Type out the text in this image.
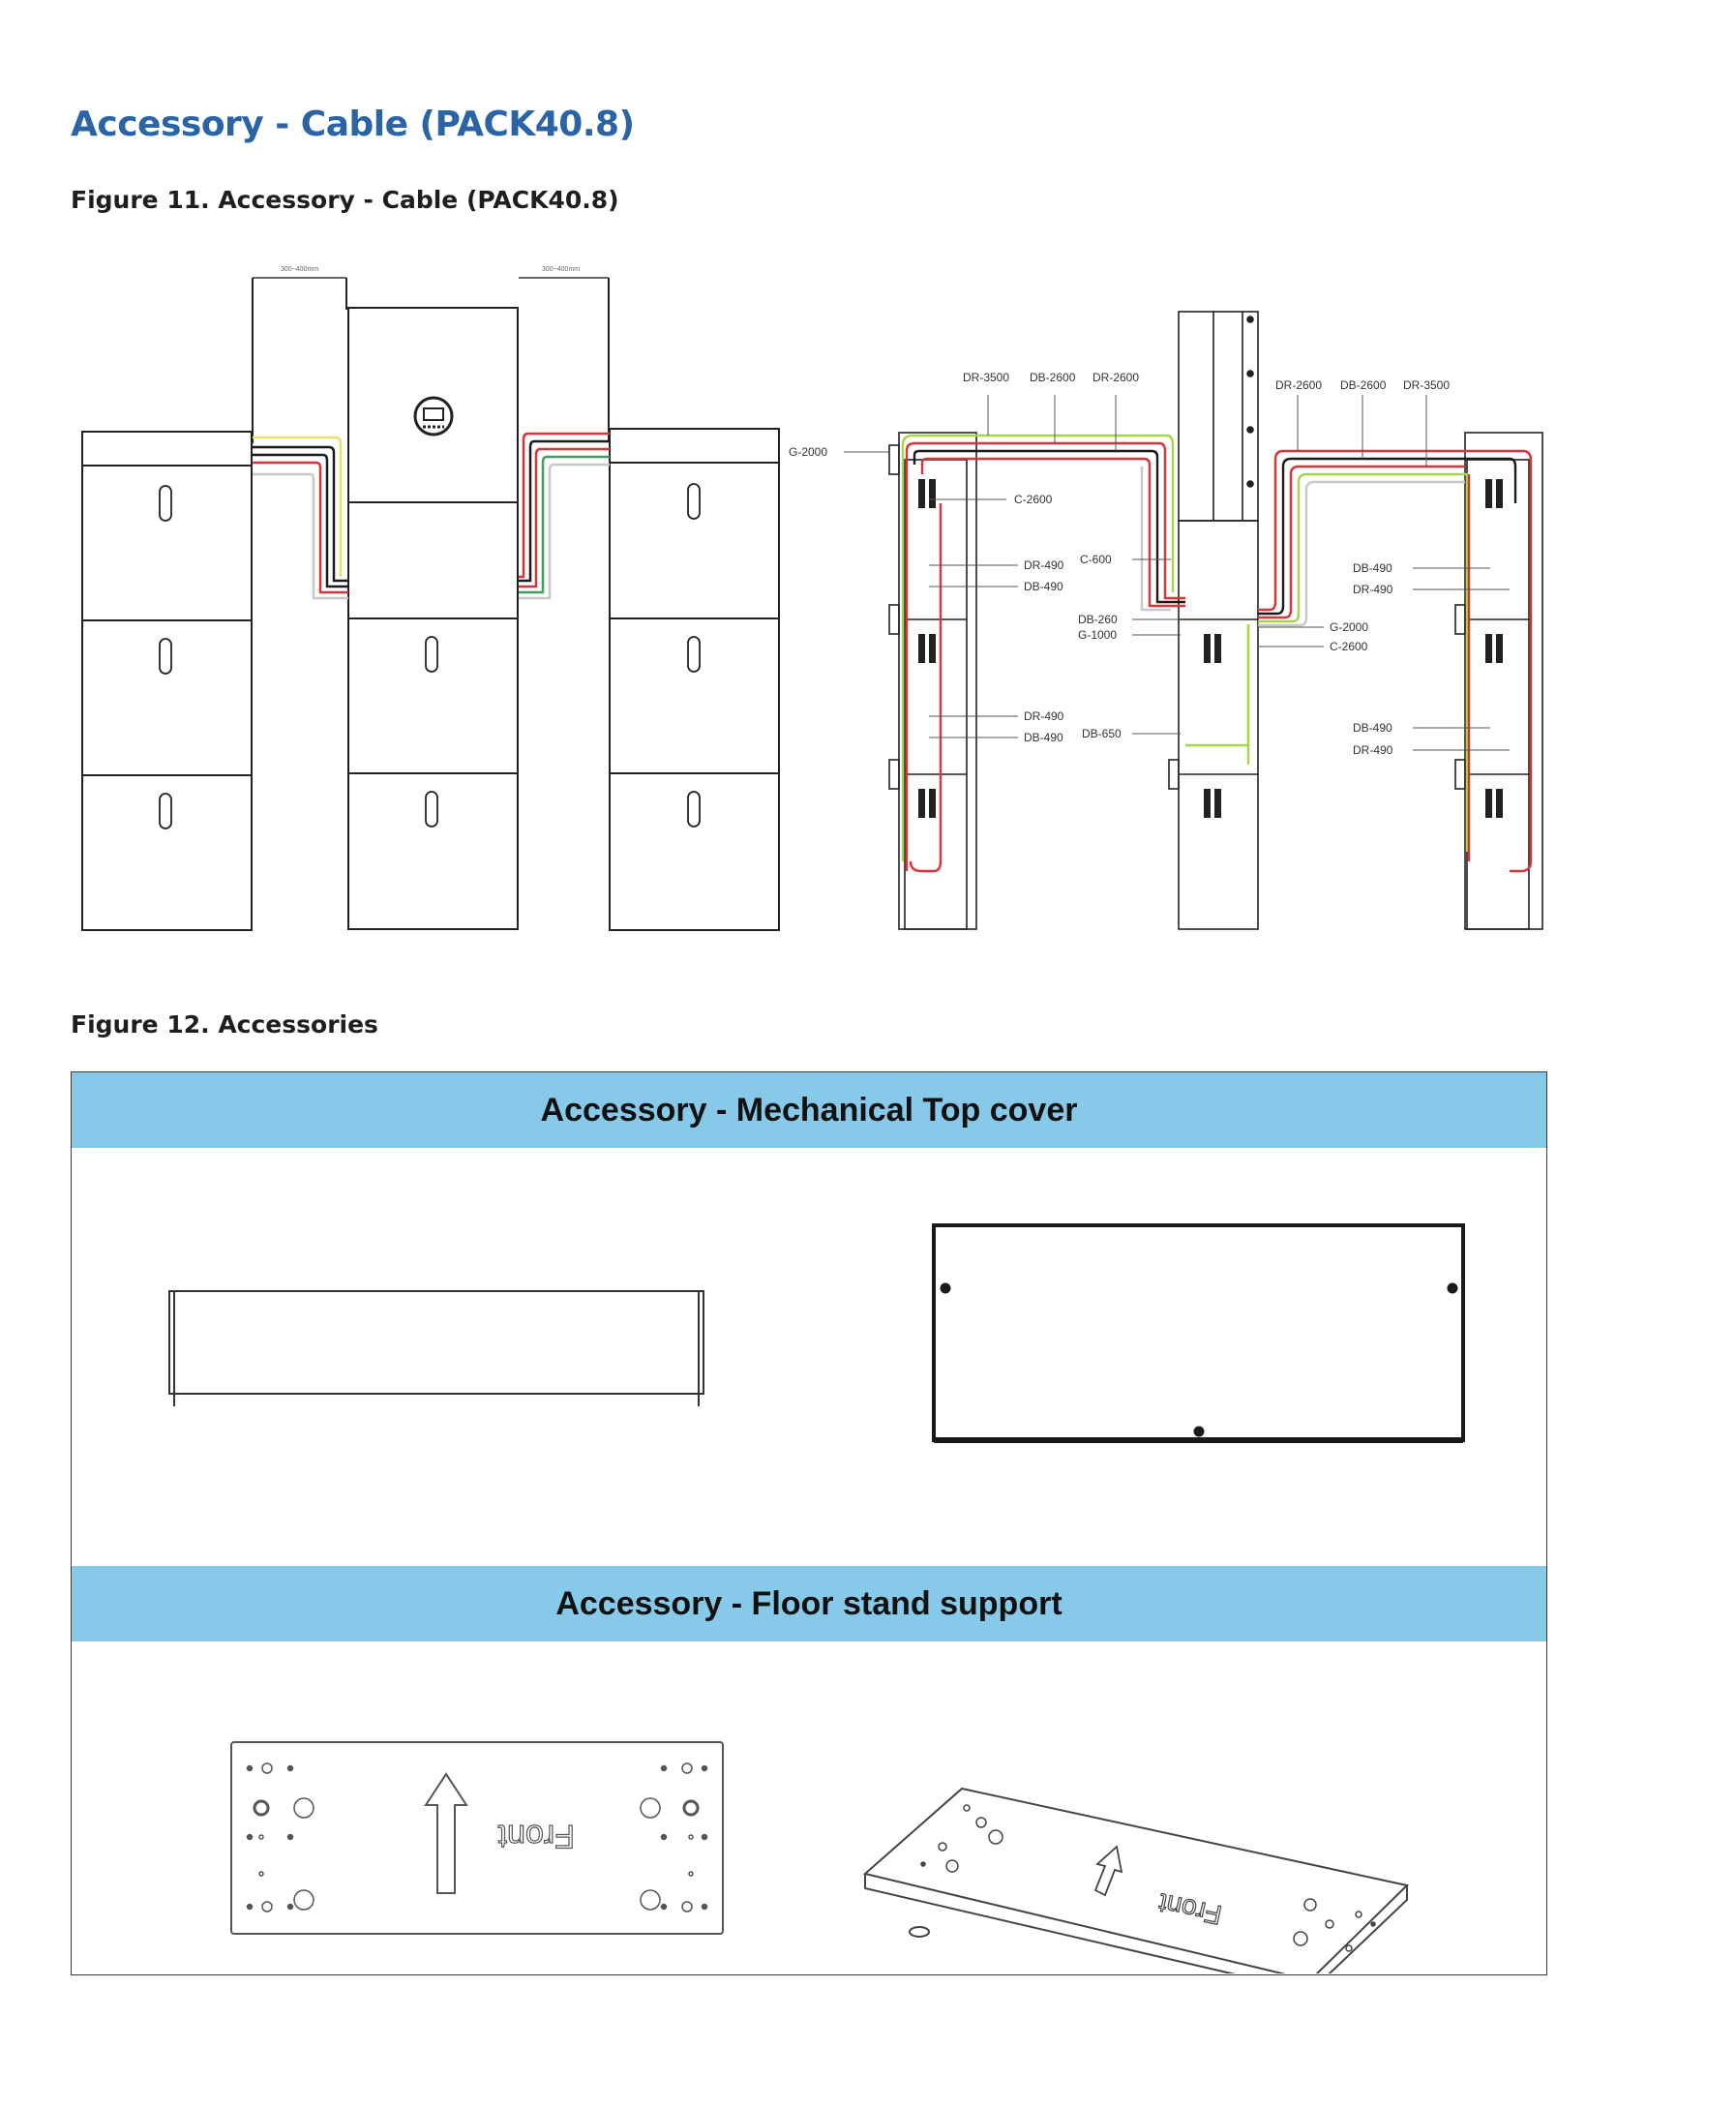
Accessory - Cable (PACK40.8)

Figure 11. Accessory - Cable (PACK40.8)

300~400mm	300~400mm
DR-3500 DB-2600 DR-2600
DR-2600 DB-2600 DR-3500
G-2000
C-2600
DR-490
DB-490
DR-490
DB-490
C-600
DB-260
G-1000
DB-650
G-2000
C-2600
DB-490
DR-490
DB-490
DR-490

Figure 12. Accessories

Accessory - Mechanical Top cover
Accessory - Floor stand support
Front
Front
